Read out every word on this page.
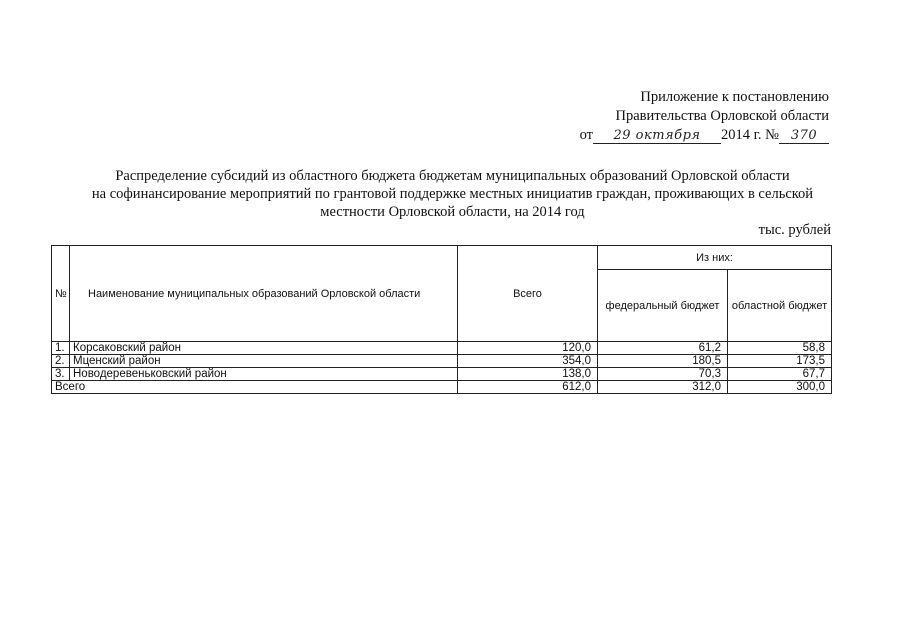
Приложение к постановлению
Правительства Орловской области
от 29 октября 2014 г. № 370
Распределение субсидий из областного бюджета бюджетам муниципальных образований Орловской области
на софинансирование мероприятий по грантовой поддержке местных инициатив граждан, проживающих в сельской
местности Орловской области, на 2014 год
тыс. рублей
№	Наименование муниципальных образований Орловской области	Всего	Из них:	
			федеральный бюджет	областной бюджет
1.	Корсаковский район	120,0	61,2	58,8
2.	Мценский район	354,0	180,5	173,5
3.	Новодеревеньковский район	138,0	70,3	67,7
Всего		612,0	312,0	300,0
